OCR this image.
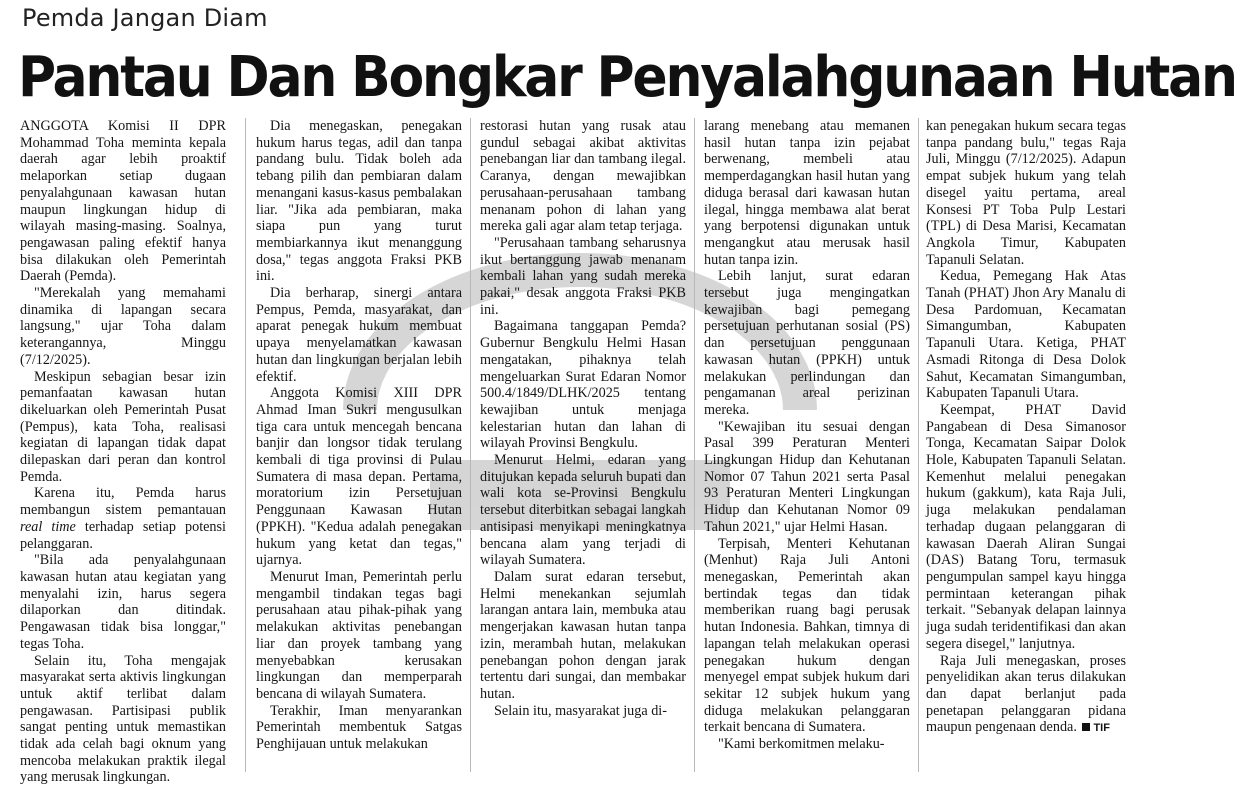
Pemda Jangan Diam
Pantau Dan Bongkar Penyalahgunaan Hutan

ANGGOTA Komisi II DPR Mohammad Toha meminta kepala daerah agar lebih proaktif melaporkan setiap dugaan penyalahgunaan kawasan hutan maupun lingkungan hidup di wilayah masing-masing. Soalnya, pengawasan paling efektif hanya bisa dilakukan oleh Pemerintah Daerah (Pemda).

"Merekalah yang memahami dinamika di lapangan secara langsung," ujar Toha dalam keterangannya, Minggu (7/12/2025).

Meskipun sebagian besar izin pemanfaatan kawasan hutan dikeluarkan oleh Pemerintah Pusat (Pempus), kata Toha, realisasi kegiatan di lapangan tidak dapat dilepaskan dari peran dan kontrol Pemda.

Karena itu, Pemda harus membangun sistem pemantauan real time terhadap setiap potensi pelanggaran.

"Bila ada penyalahgunaan kawasan hutan atau kegiatan yang menyalahi izin, harus segera dilaporkan dan ditindak. Pengawasan tidak bisa longgar," tegas Toha.

Selain itu, Toha mengajak masyarakat serta aktivis lingkungan untuk aktif terlibat dalam pengawasan. Partisipasi publik sangat penting untuk memastikan tidak ada celah bagi oknum yang mencoba melakukan praktik ilegal yang merusak lingkungan.

Dia menegaskan, penegakan hukum harus tegas, adil dan tanpa pandang bulu. Tidak boleh ada tebang pilih dan pembiaran dalam menangani kasus-kasus pembalakan liar. "Jika ada pembiaran, maka siapa pun yang turut membiarkannya ikut menanggung dosa," tegas anggota Fraksi PKB ini.

Dia berharap, sinergi antara Pempus, Pemda, masyarakat, dan aparat penegak hukum membuat upaya menyelamatkan kawasan hutan dan lingkungan berjalan lebih efektif.

Anggota Komisi XIII DPR Ahmad Iman Sukri mengusulkan tiga cara untuk mencegah bencana banjir dan longsor tidak terulang kembali di tiga provinsi di Pulau Sumatera di masa depan. Pertama, moratorium izin Persetujuan Penggunaan Kawasan Hutan (PPKH). "Kedua adalah penegakan hukum yang ketat dan tegas," ujarnya.

Menurut Iman, Pemerintah perlu mengambil tindakan tegas bagi perusahaan atau pihak-pihak yang melakukan aktivitas penebangan liar dan proyek tambang yang menyebabkan kerusakan lingkungan dan memperparah bencana di wilayah Sumatera.

Terakhir, Iman menyarankan Pemerintah membentuk Satgas Penghijauan untuk melakukan

restorasi hutan yang rusak atau gundul sebagai akibat aktivitas penebangan liar dan tambang ilegal. Caranya, dengan mewajibkan perusahaan-perusahaan tambang menanam pohon di lahan yang mereka gali agar alam tetap terjaga.

"Perusahaan tambang seharusnya ikut bertanggung jawab menanam kembali lahan yang sudah mereka pakai," desak anggota Fraksi PKB ini.

Bagaimana tanggapan Pemda? Gubernur Bengkulu Helmi Hasan mengatakan, pihaknya telah mengeluarkan Surat Edaran Nomor 500.4/1849/DLHK/2025 tentang kewajiban untuk menjaga kelestarian hutan dan lahan di wilayah Provinsi Bengkulu.

Menurut Helmi, edaran yang ditujukan kepada seluruh bupati dan wali kota se-Provinsi Bengkulu tersebut diterbitkan sebagai langkah antisipasi menyikapi meningkatnya bencana alam yang terjadi di wilayah Sumatera.

Dalam surat edaran tersebut, Helmi menekankan sejumlah larangan antara lain, membuka atau mengerjakan kawasan hutan tanpa izin, merambah hutan, melakukan penebangan pohon dengan jarak tertentu dari sungai, dan membakar hutan.

Selain itu, masyarakat juga di-

larang menebang atau memanen hasil hutan tanpa izin pejabat berwenang, membeli atau memperdagangkan hasil hutan yang diduga berasal dari kawasan hutan ilegal, hingga membawa alat berat yang berpotensi digunakan untuk mengangkut atau merusak hasil hutan tanpa izin.

Lebih lanjut, surat edaran tersebut juga mengingatkan kewajiban bagi pemegang persetujuan perhutanan sosial (PS) dan persetujuan penggunaan kawasan hutan (PPKH) untuk melakukan perlindungan dan pengamanan areal perizinan mereka.

"Kewajiban itu sesuai dengan Pasal 399 Peraturan Menteri Lingkungan Hidup dan Kehutanan Nomor 07 Tahun 2021 serta Pasal 93 Peraturan Menteri Lingkungan Hidup dan Kehutanan Nomor 09 Tahun 2021," ujar Helmi Hasan.

Terpisah, Menteri Kehutanan (Menhut) Raja Juli Antoni menegaskan, Pemerintah akan bertindak tegas dan tidak memberikan ruang bagi perusak hutan Indonesia. Bahkan, timnya di lapangan telah melakukan operasi penegakan hukum dengan menyegel empat subjek hukum dari sekitar 12 subjek hukum yang diduga melakukan pelanggaran terkait bencana di Sumatera.

"Kami berkomitmen melaku-

kan penegakan hukum secara tegas tanpa pandang bulu," tegas Raja Juli, Minggu (7/12/2025). Adapun empat subjek hukum yang telah disegel yaitu pertama, areal Konsesi PT Toba Pulp Lestari (TPL) di Desa Marisi, Kecamatan Angkola Timur, Kabupaten Tapanuli Selatan.

Kedua, Pemegang Hak Atas Tanah (PHAT) Jhon Ary Manalu di Desa Pardomuan, Kecamatan Simangumban, Kabupaten Tapanuli Utara. Ketiga, PHAT Asmadi Ritonga di Desa Dolok Sahut, Kecamatan Simangumban, Kabupaten Tapanuli Utara.

Keempat, PHAT David Pangabean di Desa Simanosor Tonga, Kecamatan Saipar Dolok Hole, Kabupaten Tapanuli Selatan. Kemenhut melalui penegakan hukum (gakkum), kata Raja Juli, juga melakukan pendalaman terhadap dugaan pelanggaran di kawasan Daerah Aliran Sungai (DAS) Batang Toru, termasuk pengumpulan sampel kayu hingga permintaan keterangan pihak terkait. "Sebanyak delapan lainnya juga sudah teridentifikasi dan akan segera disegel," lanjutnya.

Raja Juli menegaskan, proses penyelidikan akan terus dilakukan dan dapat berlanjut pada penetapan pelanggaran pidana maupun pengenaan denda. TIF
